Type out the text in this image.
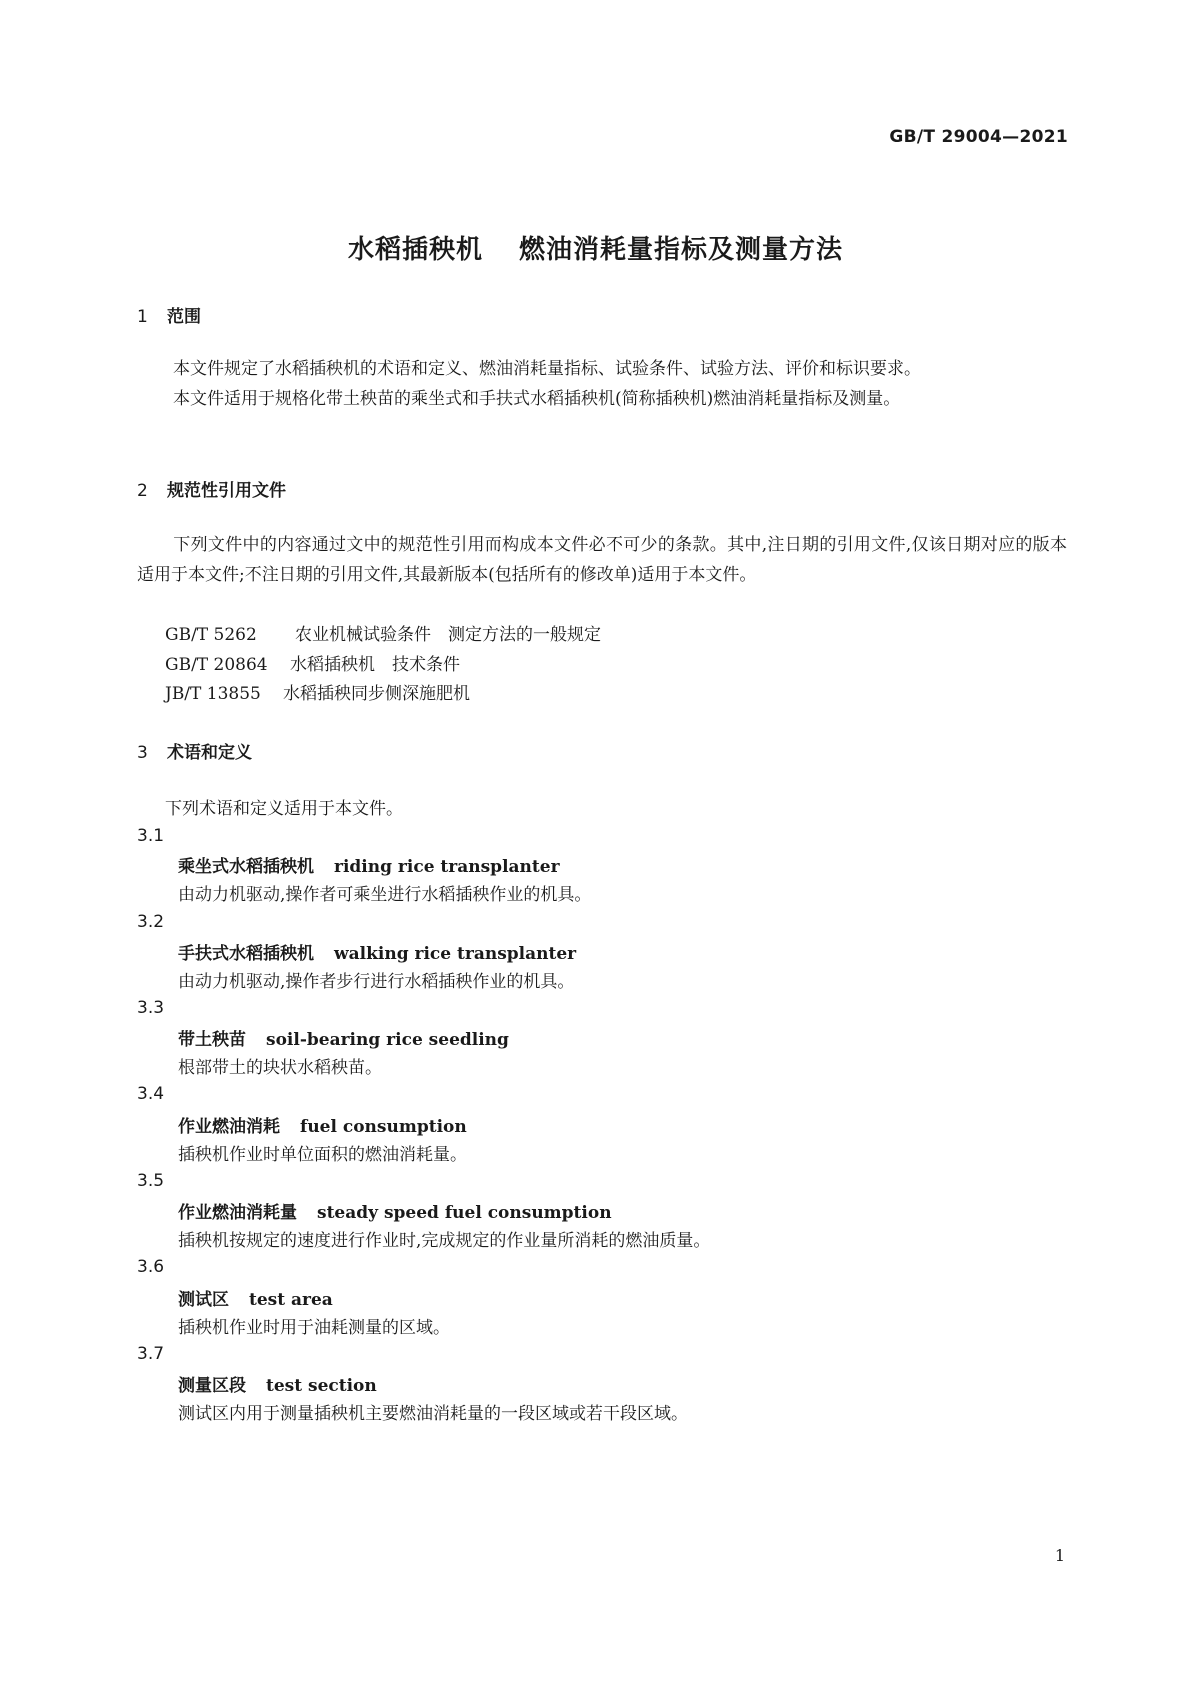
GB/T 29004—2021
水稻插秧机 燃油消耗量指标及测量方法
1 范围
本文件规定了水稻插秧机的术语和定义、燃油消耗量指标、试验条件、试验方法、评价和标识要求。
本文件适用于规格化带土秧苗的乘坐式和手扶式水稻插秧机(简称插秧机)燃油消耗量指标及测量。
2 规范性引用文件
下列文件中的内容通过文中的规范性引用而构成本文件必不可少的条款。其中,注日期的引用文件,仅该日期对应的版本适用于本文件;不注日期的引用文件,其最新版本(包括所有的修改单)适用于本文件。
GB/T 5262 农业机械试验条件　测定方法的一般规定
GB/T 20864 水稻插秧机　技术条件
JB/T 13855 水稻插秧同步侧深施肥机
3 术语和定义
下列术语和定义适用于本文件。
3.1
乘坐式水稻插秧机 riding rice transplanter
由动力机驱动,操作者可乘坐进行水稻插秧作业的机具。
3.2
手扶式水稻插秧机 walking rice transplanter
由动力机驱动,操作者步行进行水稻插秧作业的机具。
3.3
带土秧苗 soil-bearing rice seedling
根部带土的块状水稻秧苗。
3.4
作业燃油消耗 fuel consumption
插秧机作业时单位面积的燃油消耗量。
3.5
作业燃油消耗量 steady speed fuel consumption
插秧机按规定的速度进行作业时,完成规定的作业量所消耗的燃油质量。
3.6
测试区 test area
插秧机作业时用于油耗测量的区域。
3.7
测量区段 test section
测试区内用于测量插秧机主要燃油消耗量的一段区域或若干段区域。
1
